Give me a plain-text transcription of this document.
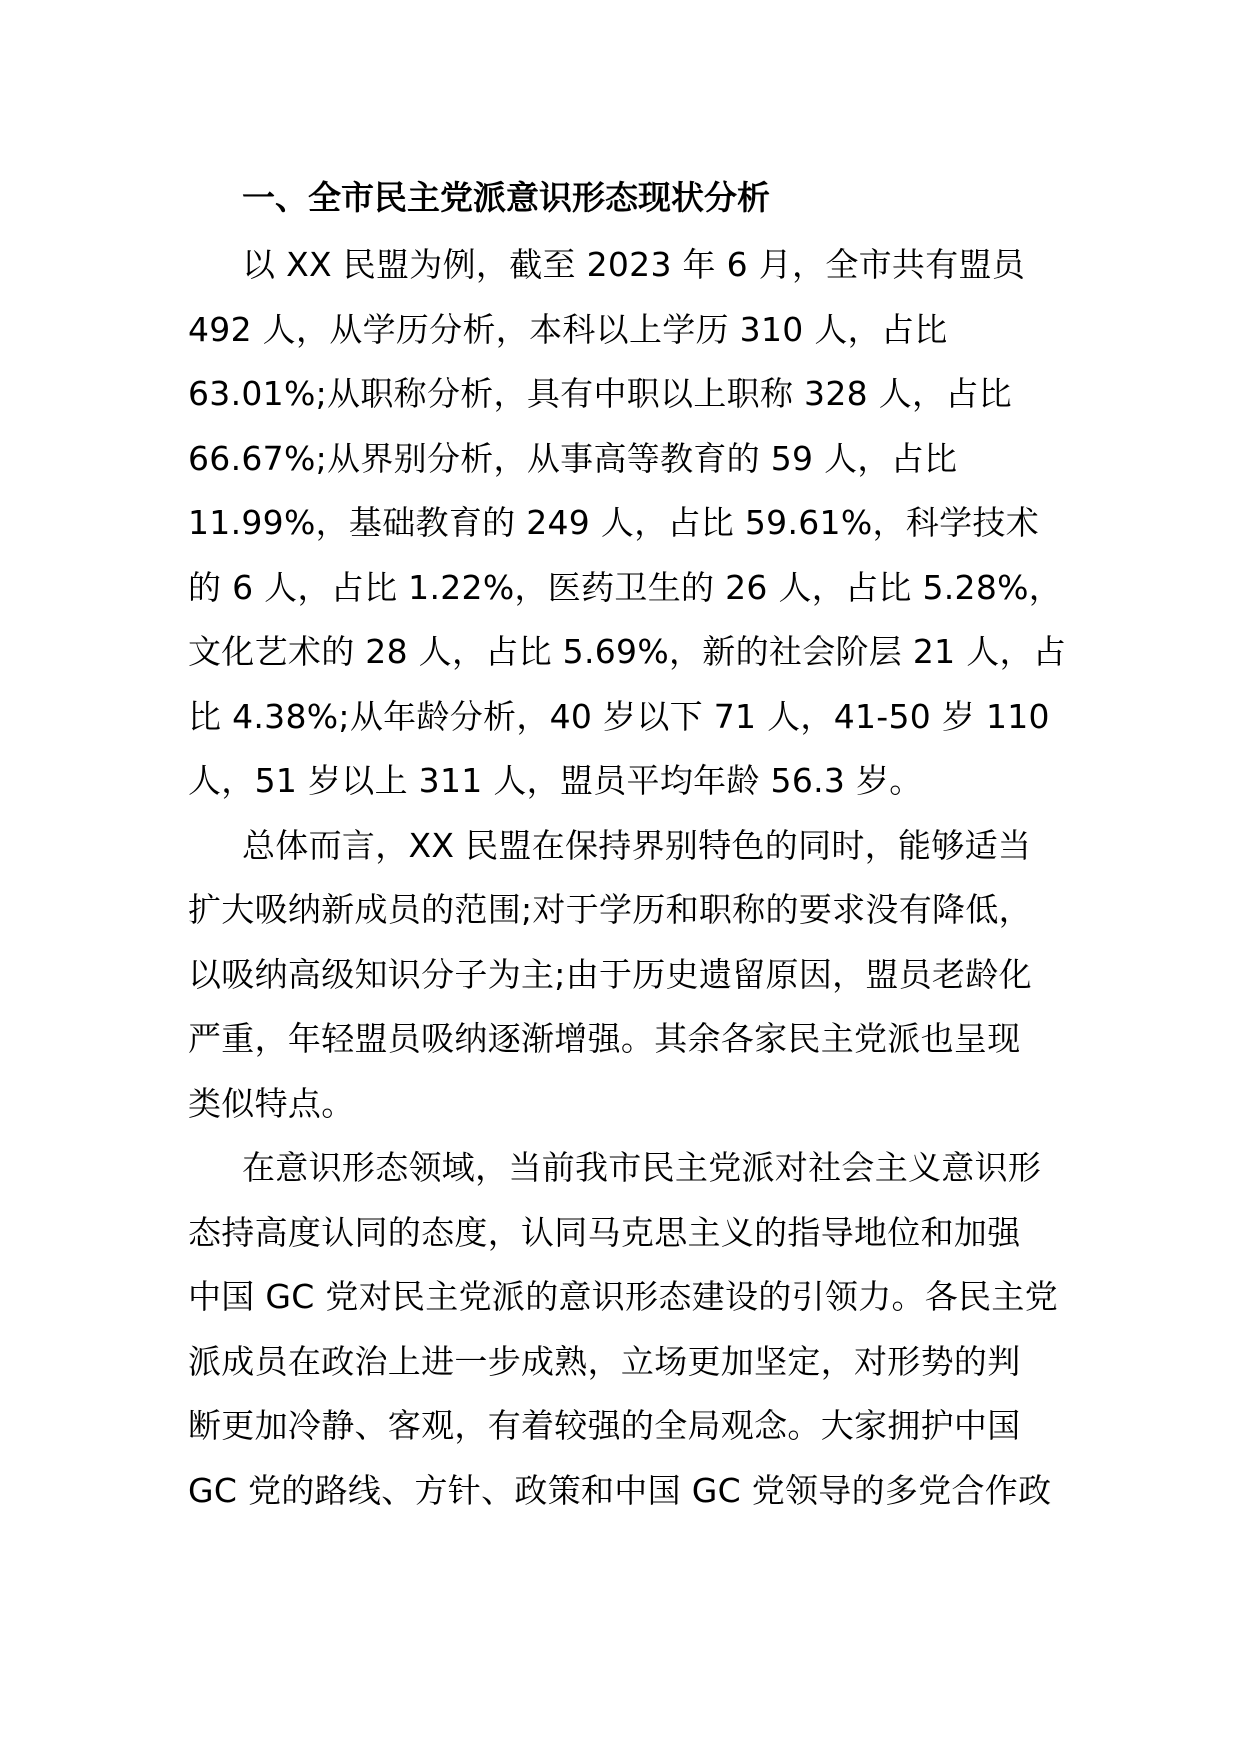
一、全市民主党派意识形态现状分析
以 XX 民盟为例，截至 2023 年 6 月，全市共有盟员
492 人，从学历分析，本科以上学历 310 人，占比
63.01%;从职称分析，具有中职以上职称 328 人，占比
66.67%;从界别分析，从事高等教育的 59 人，占比
11.99%，基础教育的 249 人，占比 59.61%，科学技术
的 6 人，占比 1.22%，医药卫生的 26 人，占比 5.28%，
文化艺术的 28 人，占比 5.69%，新的社会阶层 21 人，占
比 4.38%;从年龄分析，40 岁以下 71 人，41-50 岁 110
人，51 岁以上 311 人，盟员平均年龄 56.3 岁。
总体而言，XX 民盟在保持界别特色的同时，能够适当
扩大吸纳新成员的范围;对于学历和职称的要求没有降低，
以吸纳高级知识分子为主;由于历史遗留原因，盟员老龄化
严重，年轻盟员吸纳逐渐增强。其余各家民主党派也呈现
类似特点。
在意识形态领域，当前我市民主党派对社会主义意识形
态持高度认同的态度，认同马克思主义的指导地位和加强
中国 GC 党对民主党派的意识形态建设的引领力。各民主党
派成员在政治上进一步成熟，立场更加坚定，对形势的判
断更加冷静、客观，有着较强的全局观念。大家拥护中国
GC 党的路线、方针、政策和中国 GC 党领导的多党合作政
